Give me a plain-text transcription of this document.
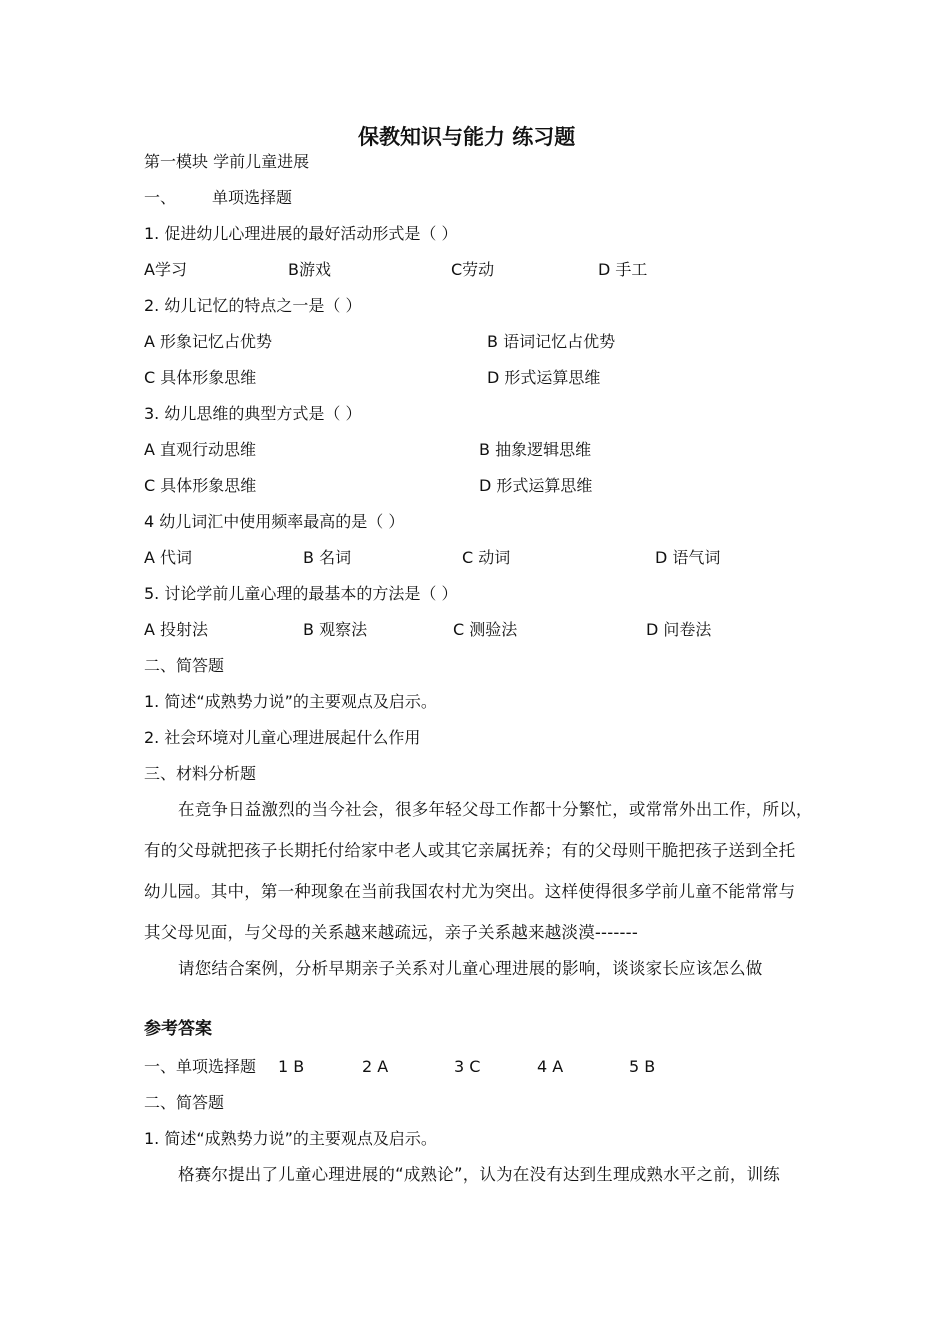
保教知识与能力 练习题
第一模块 学前儿童进展
一、 单项选择题
1. 促进幼儿心理进展的最好活动形式是（ ）
A学习	B游戏	C劳动	D 手工
2. 幼儿记忆的特点之一是（ ）
A 形象记忆占优势	B 语词记忆占优势
C 具体形象思维	D 形式运算思维
3. 幼儿思维的典型方式是（ ）
A 直观行动思维	B 抽象逻辑思维
C 具体形象思维	D 形式运算思维
4 幼儿词汇中使用频率最高的是（ ）
A 代词	B 名词	C 动词	D 语气词
5. 讨论学前儿童心理的最基本的方法是（ ）
A 投射法	B 观察法	C 测验法	D 问卷法
二、简答题
1. 简述“成熟势力说”的主要观点及启示。
2. 社会环境对儿童心理进展起什么作用
三、材料分析题
在竞争日益激烈的当今社会，很多年轻父母工作都十分繁忙，或常常外出工作，所以，
有的父母就把孩子长期托付给家中老人或其它亲属抚养；有的父母则干脆把孩子送到全托
幼儿园。其中，第一种现象在当前我国农村尤为突出。这样使得很多学前儿童不能常常与
其父母见面，与父母的关系越来越疏远，亲子关系越来越淡漠-------
请您结合案例，分析早期亲子关系对儿童心理进展的影响，谈谈家长应该怎么做
参考答案
一、单项选择题 1 B	2 A	3 C	4 A	5 B
二、简答题
1. 简述“成熟势力说”的主要观点及启示。
格赛尔提出了儿童心理进展的“成熟论”，认为在没有达到生理成熟水平之前，训练
